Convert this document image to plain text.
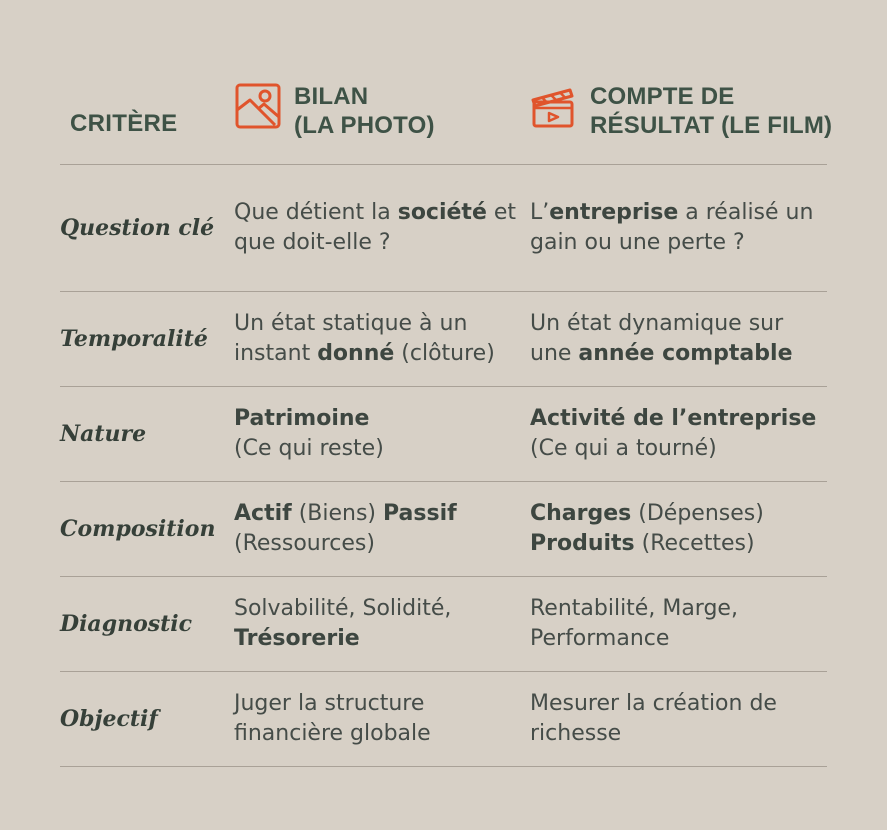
CRITÈRE
BILAN
(LA PHOTO)
COMPTE DE
RÉSULTAT (LE FILM)
Question clé
Que détient la société et que doit-elle ?
L’entreprise a réalisé un gain ou une perte ?
Temporalité
Un état statique à un instant donné (clôture)
Un état dynamique sur une année comptable
Nature
Patrimoine
(Ce qui reste)
Activité de l’entreprise
(Ce qui a tourné)
Composition
Actif (Biens) Passif (Ressources)
Charges (Dépenses) Produits (Recettes)
Diagnostic
Solvabilité, Solidité,
Trésorerie
Rentabilité, Marge, Performance
Objectif
Juger la structure financière globale
Mesurer la création de richesse
